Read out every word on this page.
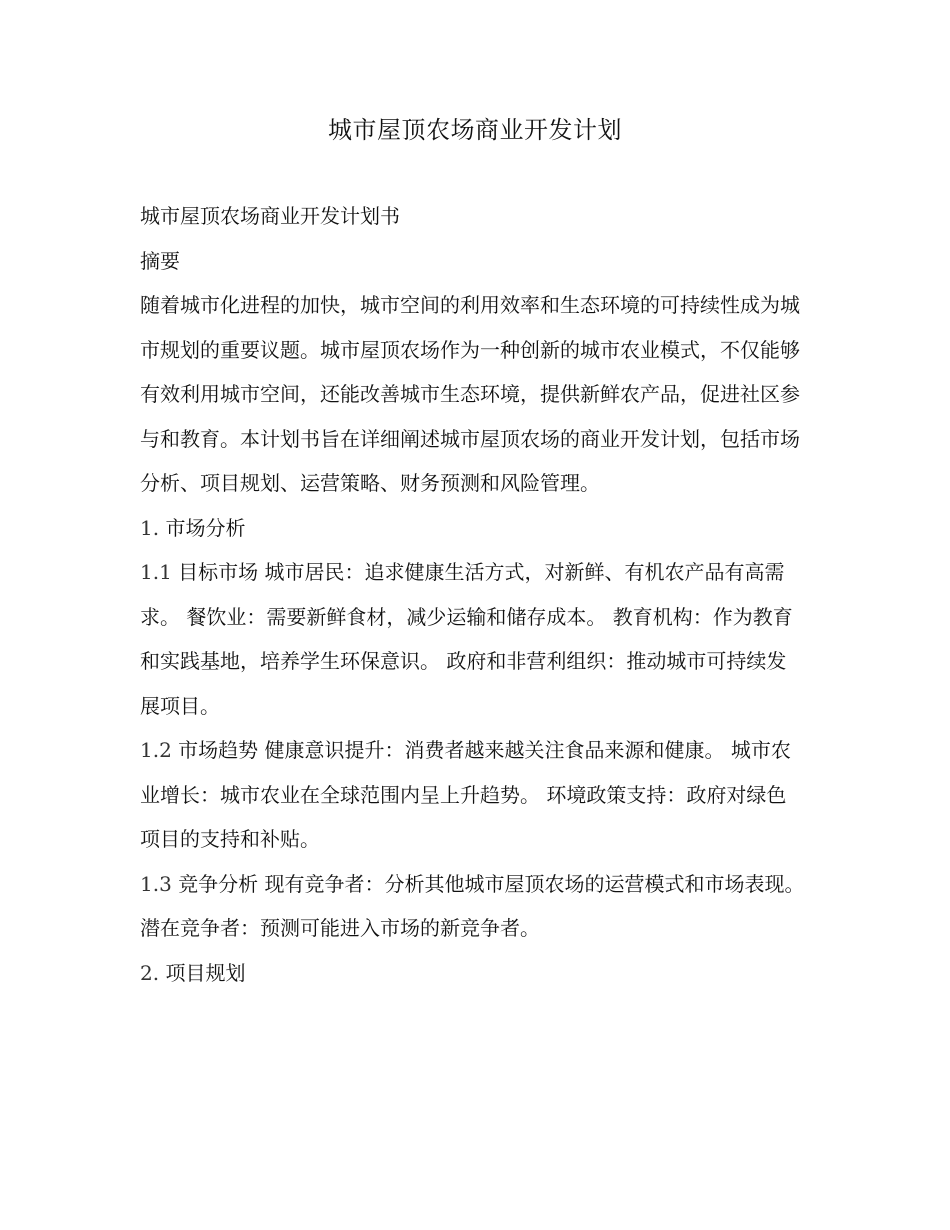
城市屋顶农场商业开发计划

城市屋顶农场商业开发计划书

摘要

随着城市化进程的加快，城市空间的利用效率和生态环境的可持续性成为城市规划的重要议题。城市屋顶农场作为一种创新的城市农业模式，不仅能够有效利用城市空间，还能改善城市生态环境，提供新鲜农产品，促进社区参与和教育。本计划书旨在详细阐述城市屋顶农场的商业开发计划，包括市场分析、项目规划、运营策略、财务预测和风险管理。

1. 市场分析

1.1 目标市场 城市居民：追求健康生活方式，对新鲜、有机农产品有高需求。 餐饮业：需要新鲜食材，减少运输和储存成本。 教育机构：作为教育和实践基地，培养学生环保意识。 政府和非营利组织：推动城市可持续发展项目。

1.2 市场趋势 健康意识提升：消费者越来越关注食品来源和健康。 城市农业增长：城市农业在全球范围内呈上升趋势。 环境政策支持：政府对绿色项目的支持和补贴。

1.3 竞争分析 现有竞争者：分析其他城市屋顶农场的运营模式和市场表现。 潜在竞争者：预测可能进入市场的新竞争者。

2. 项目规划
